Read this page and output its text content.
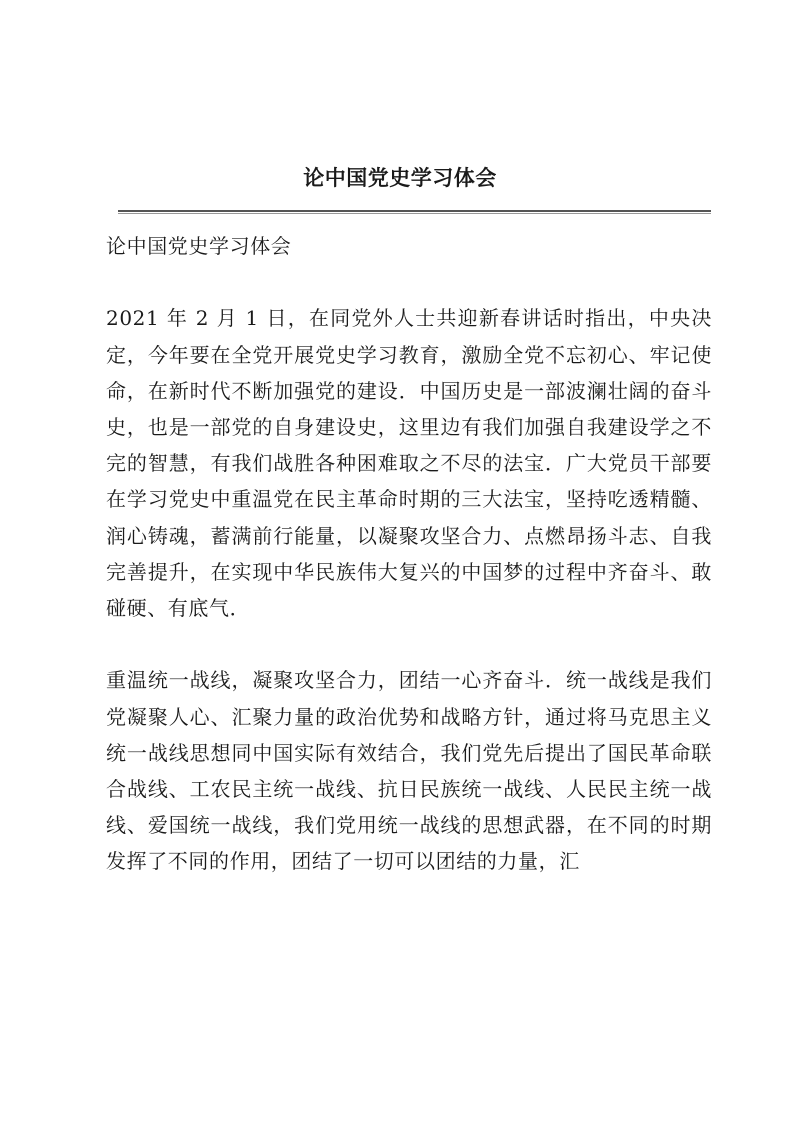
论中国党史学习体会

论中国党史学习体会

2021 年 2 月 1 日，在同党外人士共迎新春讲话时指出，中央决定，今年要在全党开展党史学习教育，激励全党不忘初心、牢记使命，在新时代不断加强党的建设．中国历史是一部波澜壮阔的奋斗史，也是一部党的自身建设史，这里边有我们加强自我建设学之不完的智慧，有我们战胜各种困难取之不尽的法宝．广大党员干部要在学习党史中重温党在民主革命时期的三大法宝，坚持吃透精髓、润心铸魂，蓄满前行能量，以凝聚攻坚合力、点燃昂扬斗志、自我完善提升，在实现中华民族伟大复兴的中国梦的过程中齐奋斗、敢碰硬、有底气．

重温统一战线，凝聚攻坚合力，团结一心齐奋斗．统一战线是我们党凝聚人心、汇聚力量的政治优势和战略方针，通过将马克思主义统一战线思想同中国实际有效结合，我们党先后提出了国民革命联合战线、工农民主统一战线、抗日民族统一战线、人民民主统一战线、爱国统一战线，我们党用统一战线的思想武器，在不同的时期发挥了不同的作用，团结了一切可以团结的力量，汇
